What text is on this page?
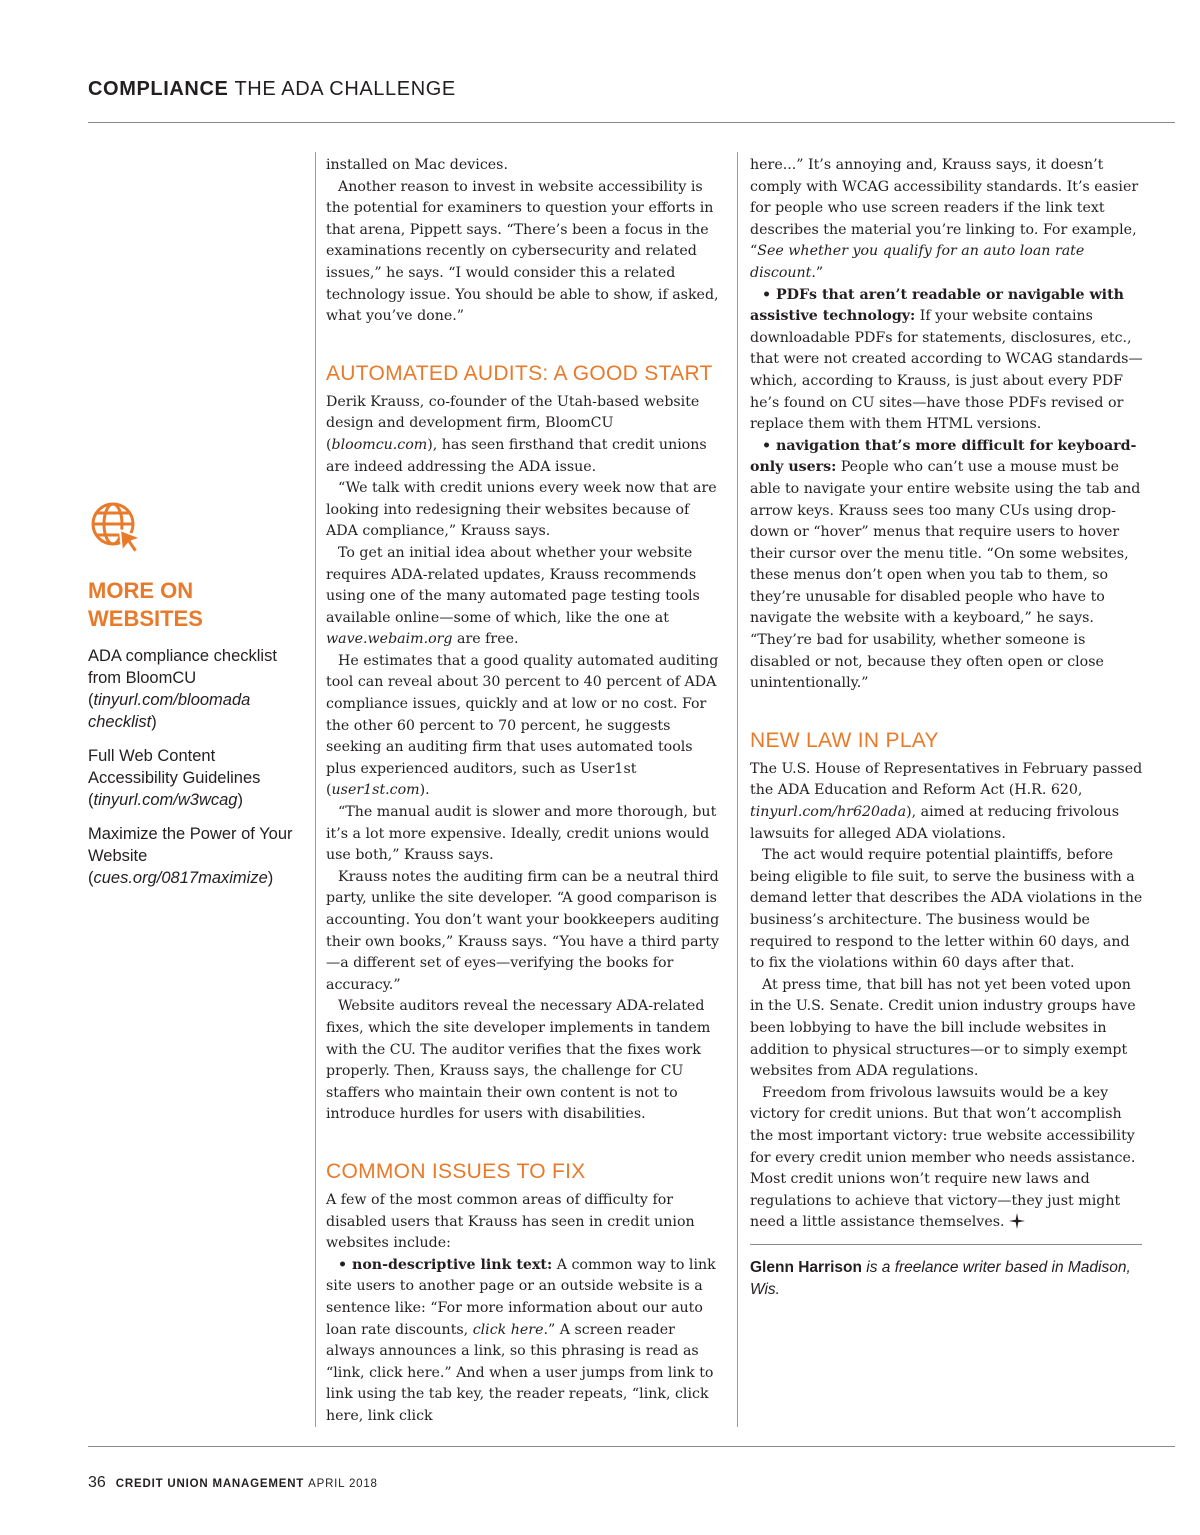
COMPLIANCE THE ADA CHALLENGE
MORE ON WEBSITES
ADA compliance checklist from BloomCU
(tinyurl.com/bloomada checklist)
Full Web Content Accessibility Guidelines
(tinyurl.com/w3wcag)
Maximize the Power of Your Website
(cues.org/0817maximize)

installed on Mac devices.

Another reason to invest in website accessibility is the potential for examiners to question your efforts in that arena, Pippett says. “There’s been a focus in the examinations recently on cybersecurity and related issues,” he says. “I would consider this a related technology issue. You should be able to show, if asked, what you’ve done.”

AUTOMATED AUDITS: A GOOD START

Derik Krauss, co-founder of the Utah-based website design and development firm, BloomCU (bloomcu.com), has seen firsthand that credit unions are indeed addressing the ADA issue.

“We talk with credit unions every week now that are looking into redesigning their websites because of ADA compliance,” Krauss says.

To get an initial idea about whether your website requires ADA-related updates, Krauss recommends using one of the many automated page testing tools available online—some of which, like the one at wave.webaim.org are free.

He estimates that a good quality automated auditing tool can reveal about 30 percent to 40 percent of ADA compliance issues, quickly and at low or no cost. For the other 60 percent to 70 percent, he suggests seeking an auditing firm that uses automated tools plus experienced auditors, such as User1st (user1st.com).

“The manual audit is slower and more thorough, but it’s a lot more expensive. Ideally, credit unions would use both,” Krauss says.

Krauss notes the auditing firm can be a neutral third party, unlike the site developer. “A good comparison is accounting. You don’t want your bookkeepers auditing their own books,” Krauss says. “You have a third party—a different set of eyes—verifying the books for accuracy.”

Website auditors reveal the necessary ADA-related fixes, which the site developer implements in tandem with the CU. The auditor verifies that the fixes work properly. Then, Krauss says, the challenge for CU staffers who maintain their own content is not to introduce hurdles for users with disabilities.

COMMON ISSUES TO FIX

A few of the most common areas of difficulty for disabled users that Krauss has seen in credit union websites include:

• non-descriptive link text: A common way to link site users to another page or an outside website is a sentence like: “For more information about our auto loan rate discounts, click here.” A screen reader always announces a link, so this phrasing is read as “link, click here.” And when a user jumps from link to link using the tab key, the reader repeats, “link, click here, link click

here...” It’s annoying and, Krauss says, it doesn’t comply with WCAG accessibility standards. It’s easier for people who use screen readers if the link text describes the material you’re linking to. For example, “See whether you qualify for an auto loan rate discount.”

• PDFs that aren’t readable or navigable with assistive technology: If your website contains downloadable PDFs for statements, disclosures, etc., that were not created according to WCAG standards—which, according to Krauss, is just about every PDF he’s found on CU sites—have those PDFs revised or replace them with them HTML versions.

• navigation that’s more difficult for keyboard-only users: People who can’t use a mouse must be able to navigate your entire website using the tab and arrow keys. Krauss sees too many CUs using drop-down or “hover” menus that require users to hover their cursor over the menu title. “On some websites, these menus don’t open when you tab to them, so they’re unusable for disabled people who have to navigate the website with a keyboard,” he says. “They’re bad for usability, whether someone is disabled or not, because they often open or close unintentionally.”

NEW LAW IN PLAY

The U.S. House of Representatives in February passed the ADA Education and Reform Act (H.R. 620, tinyurl.com/hr620ada), aimed at reducing frivolous lawsuits for alleged ADA violations.

The act would require potential plaintiffs, before being eligible to file suit, to serve the business with a demand letter that describes the ADA violations in the business’s architecture. The business would be required to respond to the letter within 60 days, and to fix the violations within 60 days after that.

At press time, that bill has not yet been voted upon in the U.S. Senate. Credit union industry groups have been lobbying to have the bill include websites in addition to physical structures—or to simply exempt websites from ADA regulations.

Freedom from frivolous lawsuits would be a key victory for credit unions. But that won’t accomplish the most important victory: true website accessibility for every credit union member who needs assistance. Most credit unions won’t require new laws and regulations to achieve that victory—they just might need a little assistance themselves.

Glenn Harrison is a freelance writer based in Madison, Wis.
36 CREDIT UNION MANAGEMENT APRIL 2018
